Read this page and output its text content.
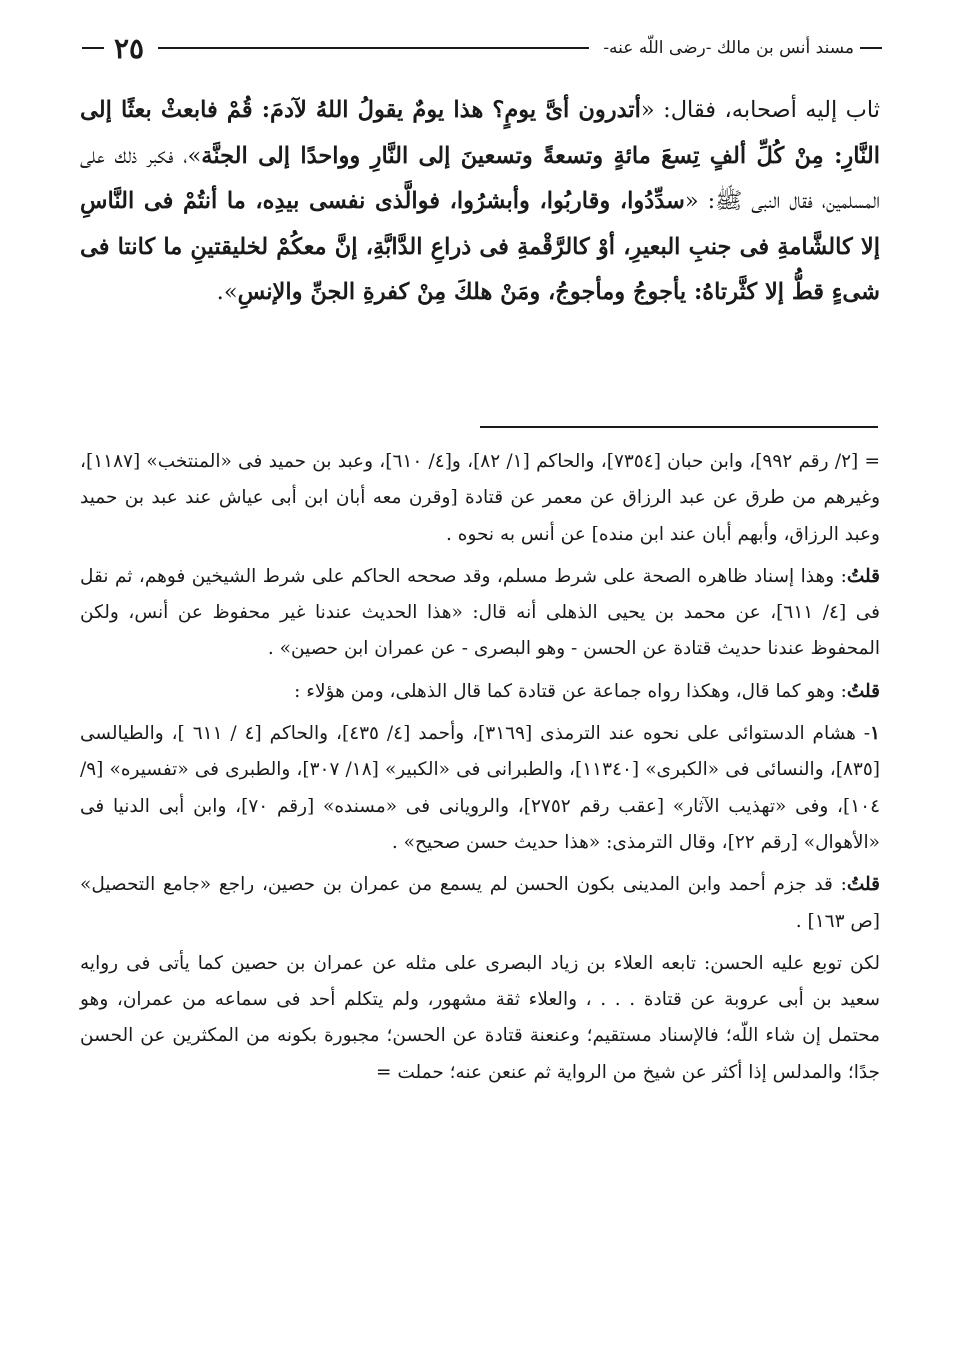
مسند أنس بن مالك -رضى اللّه عنه-
٢٥
ثاب إليه أصحابه، فقال: «أتدرون أىَّ يومٍ؟ هذا يومٌ يقولُ اللهُ لآدمَ: قُمْ فابعثْ بعثًا إلى النَّارِ: مِنْ كُلِّ ألفٍ تِسعَ مائةٍ وتسعةً وتسعينَ إلى النَّارِ وواحدًا إلى الجنَّة»، فكبر ذلك على المسلمين، فقال النبى ﷺ: «سدِّدُوا، وقاربُوا، وأبشرُوا، فوالَّذى نفسى بيدِه، ما أنتُمْ فى النَّاسِ إلا كالشَّامةِ فى جنبِ البعيرِ، أوْ كالرَّقْمةِ فى ذراعِ الدَّابَّةِ، إنَّ معكُمْ لخليقتينِ ما كانتا فى شىءٍ قطُّ إلا كثَّرتاهُ: يأجوجُ ومأجوجُ، ومَنْ هلكَ مِنْ كفرةِ الجنِّ والإنسِ».

= [٢/ رقم ٩٩٢]، وابن حبان [٧٣٥٤]، والحاكم [١/ ٨٢]، و[٤/ ٦١٠]، وعبد بن حميد فى «المنتخب» [١١٨٧]، وغيرهم من طرق عن عبد الرزاق عن معمر عن قتادة [وقرن معه أبان ابن أبى عياش عند عبد بن حميد وعبد الرزاق، وأبهم أبان عند ابن منده] عن أنس به نحوه .

قلتُ: وهذا إسناد ظاهره الصحة على شرط مسلم، وقد صححه الحاكم على شرط الشيخين فوهم، ثم نقل فى [٤/ ٦١١]، عن محمد بن يحيى الذهلى أنه قال: «هذا الحديث عندنا غير محفوظ عن أنس، ولكن المحفوظ عندنا حديث قتادة عن الحسن - وهو البصرى - عن عمران ابن حصين» .

قلتُ: وهو كما قال، وهكذا رواه جماعة عن قتادة كما قال الذهلى، ومن هؤلاء :

١- هشام الدستوائى على نحوه عند الترمذى [٣١٦٩]، وأحمد [٤/ ٤٣٥]، والحاكم [٤ / ٦١١ ]، والطيالسى [٨٣٥]، والنسائى فى «الكبرى» [١١٣٤٠]، والطبرانى فى «الكبير» [١٨/ ٣٠٧]، والطبرى فى «تفسيره» [٩/ ١٠٤]، وفى «تهذيب الآثار» [عقب رقم ٢٧٥٢]، والرويانى فى «مسنده» [رقم ٧٠]، وابن أبى الدنيا فى «الأهوال» [رقم ٢٢]، وقال الترمذى: «هذا حديث حسن صحيح» .

قلتُ: قد جزم أحمد وابن المدينى بكون الحسن لم يسمع من عمران بن حصين، راجع «جامع التحصيل» [ص ١٦٣] .

لكن توبع عليه الحسن: تابعه العلاء بن زياد البصرى على مثله عن عمران بن حصين كما يأتى فى روايه سعيد بن أبى عروبة عن قتادة . . . ، والعلاء ثقة مشهور، ولم يتكلم أحد فى سماعه من عمران، وهو محتمل إن شاء اللّه؛ فالإسناد مستقيم؛ وعنعنة قتادة عن الحسن؛ مجبورة بكونه من المكثرين عن الحسن جدًا؛ والمدلس إذا أكثر عن شيخ من الرواية ثم عنعن عنه؛ حملت =
